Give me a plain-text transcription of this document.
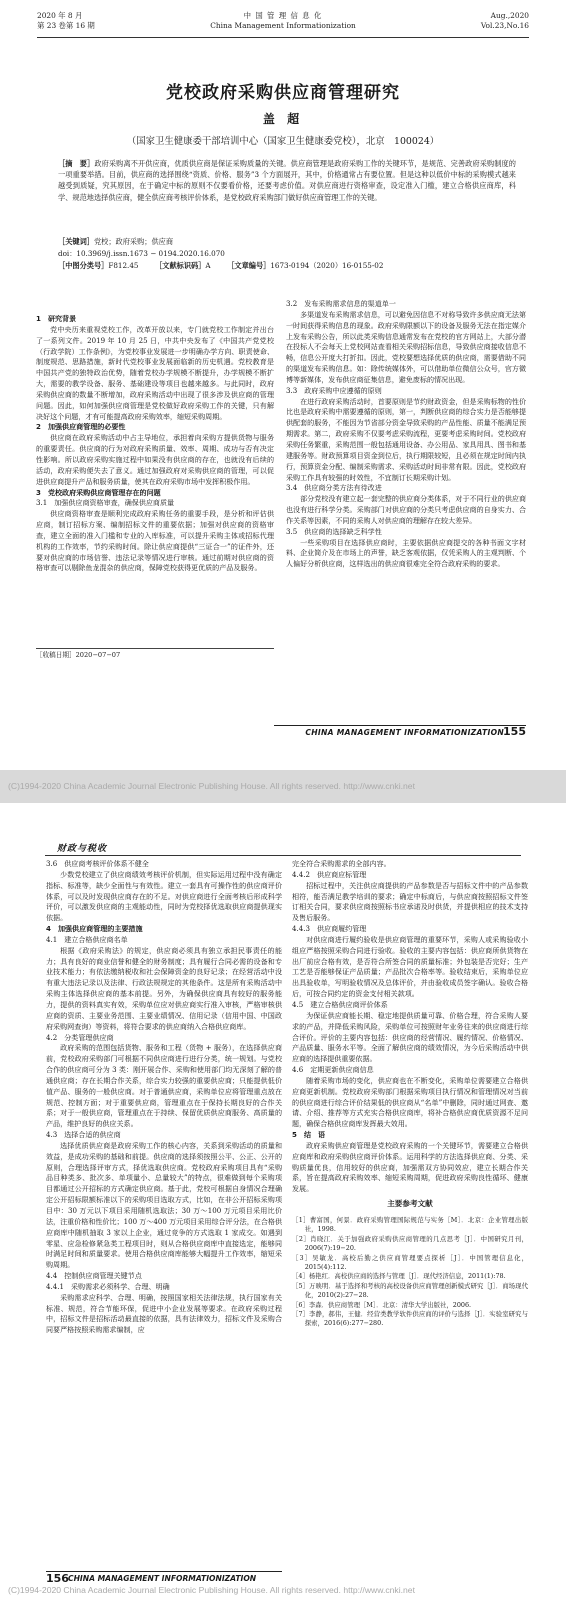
2020 年 8 月
第 23 卷第 16 期
中 国 管 理 信 息 化
China Management Informationization
Aug.,2020
Vol.23,No.16
党校政府采购供应商管理研究
盖 超
（国家卫生健康委干部培训中心（国家卫生健康委党校），北京　100024）
［摘　要］政府采购离不开供应商，优质供应商是保证采购质量的关键。供应商管理是政府采购工作的关键环节，是规范、完善政府采购制度的一项重要举措。目前，供应商的选择围绕“资质、价格、服务”3 个方面展开，其中，价格通常占有要位置。但是这种以低价中标的采购模式越来越受到质疑，究其原因，在于确定中标的原则不仅要看价格，还要考虑价值。对供应商进行资格审查，设定准入门槛，建立合格供应商库，科学、规范地选择供应商，健全供应商考核评价体系，是党校政府采购部门做好供应商管理工作的关键。
［关键词］党校；政府采购；供应商
doi：10.3969/j.issn.1673 − 0194.2020.16.070
［中图分类号］F812.45 ［文献标识码］A ［文章编号］1673-0194（2020）16-0155-02
1　研究背景

党中央历来重视党校工作，改革开放以来，专门就党校工作制定并出台了一系列文件。2019 年 10 月 25 日，中共中央发布了《中国共产党党校（行政学院）工作条例》，为党校事业发展进一步明确办学方向、职责使命、制度规范、思路措施，新时代党校事业发展面临新的历史机遇。党校教育是中国共产党的独特政治优势，随着党校办学规模不断提升，办学规模不断扩大，需要的教学设备、服务、基础建设等项目也越来越多。与此同时，政府采购供应商的数量不断增加，政府采购活动中出现了很多涉及供应商的管理问题。因此，如何加强供应商管理是党校做好政府采购工作的关键，只有解决好这个问题，才有可能提高政府采购效率，缩短采购周期。

2　加强供应商管理的必要性

供应商在政府采购活动中占主导地位，承担着向采购方提供货物与服务的重要责任。供应商的行为对政府采购质量、效率、周期、成功与否有决定性影响。所以政府采购实施过程中如果没有供应商的存在，也就没有后续的活动，政府采购便失去了意义。通过加强政府对采购供应商的管理，可以促进供应商提升产品和服务质量，使其在政府采购市场中发挥积极作用。

3　党校政府采购供应商管理存在的问题
3.1　加强供应商资格审查，确保供应商质量

供应商资格审查是顺利完成政府采购任务的重要手段，是分析和评估供应商，制订招标方案、编制招标文件的重要依据；加强对供应商的资格审查，建立全面的准入门槛和专业的入库标准，可以提升采购主体或招标代理机构的工作效率，节约采购时间。除让供应商提供“三证合一”的证件外，还要对供应商的市场信誉、违法记录等情况进行审核。通过前期对供应商的资格审查可以剔除鱼龙混杂的供应商，保障党校获得更优质的产品及服务。

3.2　发布采购需求信息的渠道单一

多渠道发布采购需求信息，可以避免因信息不对称导致许多供应商无法第一时间获得采购信息的现象。政府采购限额以下的设备及服务无法在指定媒介上发布采购公告，所以此类采购信息通常发布在党校的官方网站上，大部分潜在投标人不会每天上党校网站查看相关采购招标信息，导致供应商接收信息不畅，信息公开度大打折扣。因此，党校要想选择优质的供应商，需要借助不同的渠道发布采购信息。如：除传统媒体外，可以借助单位微信公众号，官方微博等新媒体，发布供应商征集信息，避免废标的情况出现。

3.3　政府采购中应遵循的原则

在进行政府采购活动时，首要原则是节约财政资金，但是采购标物的性价比也是政府采购中需要遵循的原则，第一，判断供应商的综合实力是否能够提供配套的服务，不能因为节省部分资金导致采购的产品性能、质量不能满足预期需求。第二，政府采购不仅要考虑采购流程，更要考虑采购时间。党校政府采购任务繁重，采购范围一般包括通用设备、办公用品、家具用具、图书和基建服务等。财政预算项目资金到位后，执行期限较短，且必须在规定时间内执行，预算资金分配、编制采购需求、采购活动时间非常有限。因此，党校政府采购工作具有较强的时效性，不宜制订长期采购计划。

3.4　供应商分类方法有待改进

部分党校没有建立起一套完整的供应商分类体系，对于不同行业的供应商也没有进行科学分类。采购部门对供应商的分类只考虑供应商的自身实力、合作关系等因素，不同的采购人对供应商的理解存在较大差异。

3.5　供应商的选择缺乏科学性

一些采购项目在选择供应商时，主要依据供应商提交的各种书面文字材料、企业简介及在市场上的声誉，缺乏客观依据，仅凭采购人的主观判断、个人偏好分析供应商，这样选出的供应商很难完全符合政府采购的要求。

［收稿日期］2020−07−07
CHINA MANAGEMENT INFORMATIONIZATION 155
(C)1994-2020 China Academic Journal Electronic Publishing House. All rights reserved. http://www.cnki.net
财政与税收
3.6　供应商考核评价体系不健全

少数党校建立了供应商绩效考核评价机制，但实际运用过程中没有确定指标、标准等，缺少全面性与有效性。建立一套具有可操作性的供应商评价体系，可以及时发现供应商存在的不足。对供应商进行全面考核后形成科学评价，可以激发供应商的主观能动性，同时为党校择优选取供应商提供现实依据。

4　加强供应商管理的主要措施
4.1　建立合格供应商名单

根据《政府采购法》的规定，供应商必须具有独立承担民事责任的能力；具有良好的商业信誉和健全的财务制度；具有履行合同必需的设备和专业技术能力；有依法缴纳税收和社会保障资金的良好记录；在经营活动中没有重大违法记录以及法律、行政法规规定的其他条件。这是所有采购活动中采购主体选择供应商的基本前提。另外，为确保供应商具有较好的服务能力，提供的资料真实有效，采购单位应对供应商实行准入审核，严格审核供应商的资质、主要业务范围、主要业绩情况、信用记录（信用中国、中国政府采购网查询）等资料，将符合要求的供应商纳入合格供应商库。

4.2　分类管理供应商

政府采购的范围包括货物、服务和工程（货物 + 服务），在选择供应商前，党校政府采购部门可根据不同供应商进行进行分类，统一规划。与党校合作的供应商可分为 3 类：刚开展合作、采购和使用部门均无深刻了解的普通供应商；存在长期合作关系，综合实力较强的重要供应商；只能提供低价值产品、服务的一般供应商。对于普通供应商，采购单位应将管理重点放在规范、控制方面；对于重要供应商，管理重点在于保持长期良好的合作关系；对于一般供应商，管理重点在于持续、保留优质供应商服务、高质量的产品，维护良好的供应关系。

4.3　选择合适的供应商

选择优质供应商是政府采购工作的核心内容，关系到采购活动的质量和效益，是成功采购的基础和前提。供应商的选择须按照公平、公正、公开的原则，合理选择评审方式，择优选取供应商。党校政府采购项目具有“采购品目种类多、批次多、单项量小、总量较大”的特点，很难做到每个采购项目都通过公开招标的方式确定供应商。基于此，党校可根据自身情况合理确定公开招标限额标准以下的采购项目选取方式，比如，在非公开招标采购项目中：30 万元以下项目采用随机选取法；30 万～100 万元项目采用比价法，注重价格和性价比；100 万～400 万元项目采用综合评分法，在合格供应商库中随机抽取 3 家以上企业，通过竞争的方式选取 1 家成交。如遇到零星、应急检修紧急类工程项目时，则从合格供应商库中直接选定，能够同时满足时间和质量要求。使用合格供应商库能够大幅提升工作效率，缩短采购周期。

4.4　控制供应商管理关键节点
4.4.1　采购需求必须科学、合理、明确

采购需求应科学、合理、明确，按照国家相关法律法规，执行国家有关标准、规范，符合节能环保，促进中小企业发展等要求。在政府采购过程中，招标文件是招标活动最直接的依据，具有法律效力，招标文件及采购合同要严格按照采购需求编制，应

完全符合采购需求的全部内容。

4.4.2　供应商应标管理

招标过程中，关注供应商提供的产品参数是否与招标文件中的产品参数相符，能否满足教学培训的要求；确定中标商后，与供应商按照招标文件签订相关合同，要求供应商按照标书应承诺及时供货，并提供相应的技术支持及售后服务。

4.4.3　供应商履约管理

对供应商进行履约验收是供应商管理的重要环节，采购人或采购验收小组应严格按照采购合同进行验收。验收的主要内容包括：供应商所供货物在出厂前应合格有效，是否符合所签合同的质量标准；外包装是否完好；生产工艺是否能够保证产品质量；产品批次合格率等。验收结束后，采购单位应出具验收单，写明验收情况及总体评价，并由验收成员签字确认。验收合格后，可按合同约定的资金支付相关款项。

4.5　建立合格供应商评价体系

为保证供应商能长期、稳定地提供质量可靠、价格合理，符合采购人要求的产品，并降低采购风险，采购单位可按照财年业务往来的供应商进行综合评价。评价的主要内容包括：供应商的经营情况、履约情况、价格情况、产品质量、服务水平等。全面了解供应商的绩效情况，为今后采购活动中供应商的选择提供重要依据。

4.6　定期更新供应商信息

随着采购市场的变化，供应商也在不断变化，采购单位需要建立合格供应商更新机制。党校政府采购部门根据采购项目执行情况和管理情况对当前的供应商进行综合评价结果低的供应商从“名单”中删除，同时通过网查、邀请、介绍、推荐等方式充实合格供应商库，将补合格供应商优质资源不足问题，确保合格供应商库发挥最大效用。

5　结　语

政府采购供应商管理是党校政府采购的一个关键环节，需要建立合格供应商库和政府采购供应商评价体系。运用科学的方法选择供应商、分类、采购质量优良，信用较好的供应商，加强需双方协同效应，建立长期合作关系，旨在提高政府采购效率、缩短采购周期，促进政府采购良性循环、健康发展。

主要参考文献
［1］曹富国，何景．政府采购管理国际规范与实务［M］．北京：企业管理出版社，1998.
［2］肖晓江．关于加强政府采购供应商管理的几点思考［J］．中国研究月刊，2006(7):19−20.
［3］吴敏龙．高校后勤之供应商管理要点探析［J］．中国管理信息化，2015(4):112.
［4］杨艳红．高校供应商的选择与管理［J］．现代经济信息，2011(1):78.
［5］万映明．基于选择和考核的高校设备供应商管理创新模式研究［J］．商场现代化，2010(2):27−28.
［6］李森．供应商管理［M］．北京：清华大学出版社，2006.
［7］李静，郝伟，王健．经营类教学软件供应商的评价与选择［J］．实验室研究与探索，2016(6):277−280.
156 CHINA MANAGEMENT INFORMATIONIZATION
(C)1994-2020 China Academic Journal Electronic Publishing House. All rights reserved. http://www.cnki.net
